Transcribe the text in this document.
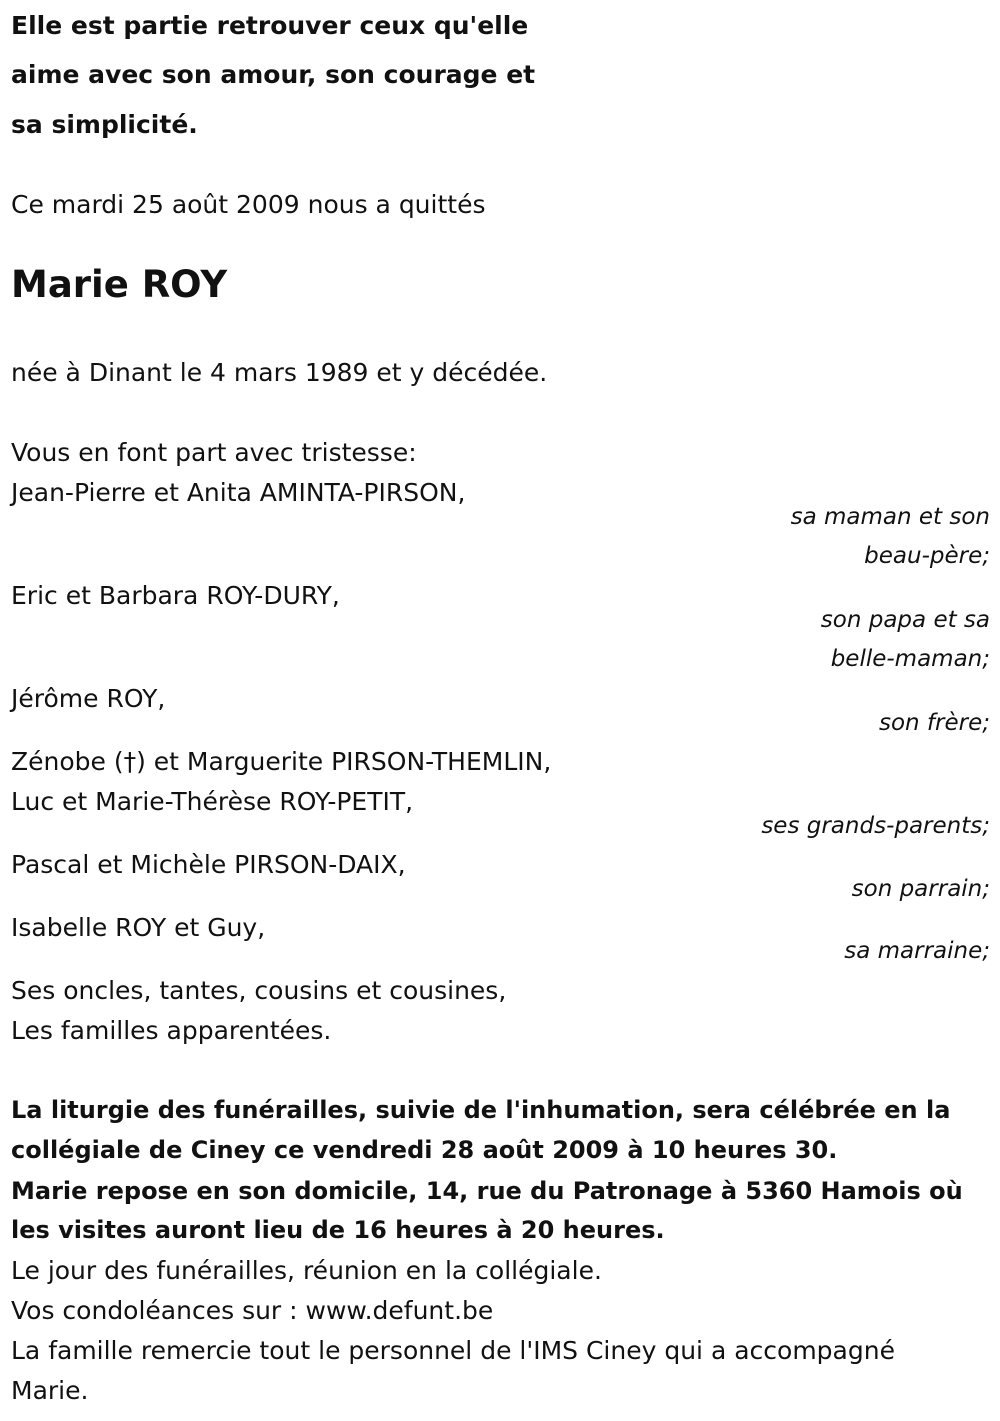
Elle est partie retrouver ceux qu'elle

aime avec son amour, son courage et

sa simplicité.

Ce mardi 25 août 2009 nous a quittés

Marie ROY

née à Dinant le 4 mars 1989 et y décédée.

Vous en font part avec tristesse:

Jean-Pierre et Anita AMINTA-PIRSON,

sa maman et son

beau-père;

Eric et Barbara ROY-DURY,

son papa et sa

belle-maman;

Jérôme ROY,

son frère;

Zénobe (†) et Marguerite PIRSON-THEMLIN,

Luc et Marie-Thérèse ROY-PETIT,

ses grands-parents;

Pascal et Michèle PIRSON-DAIX,

son parrain;

Isabelle ROY et Guy,

sa marraine;

Ses oncles, tantes, cousins et cousines,

Les familles apparentées.

La liturgie des funérailles, suivie de l'inhumation, sera célébrée en la

collégiale de Ciney ce vendredi 28 août 2009 à 10 heures 30.

Marie repose en son domicile, 14, rue du Patronage à 5360 Hamois où

les visites auront lieu de 16 heures à 20 heures.

Le jour des funérailles, réunion en la collégiale.

Vos condoléances sur : www.defunt.be

La famille remercie tout le personnel de l'IMS Ciney qui a accompagné

Marie.
